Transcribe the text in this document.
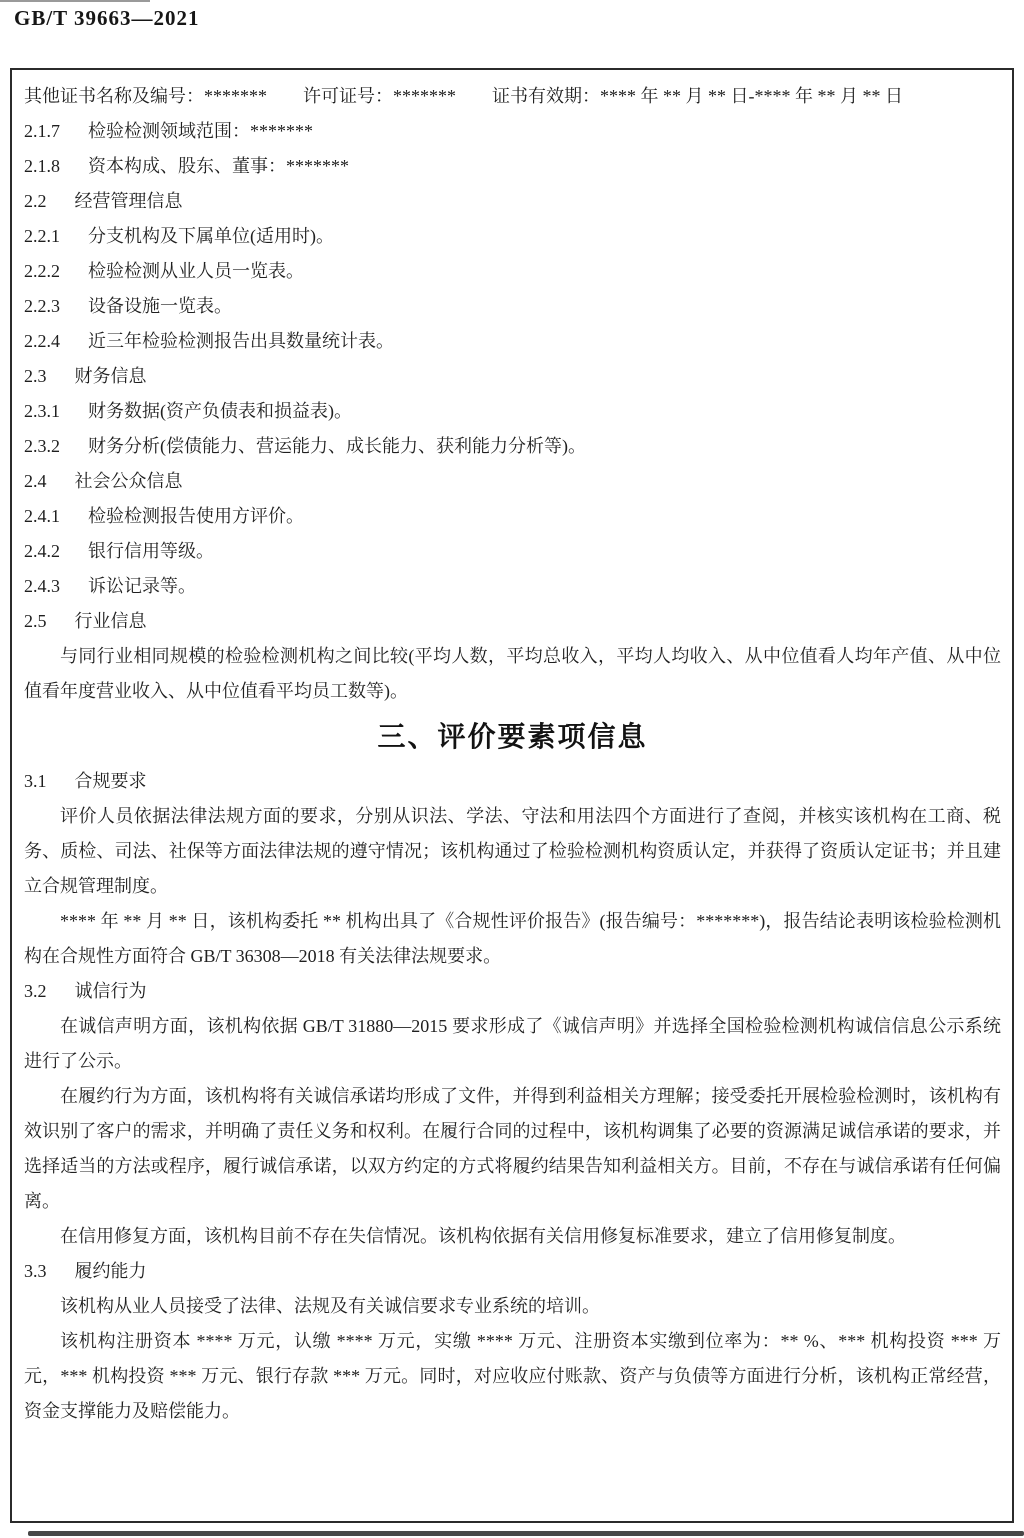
GB/T 39663—2021

其他证书名称及编号：*******　　许可证号：*******　　证书有效期：**** 年 ** 月 ** 日-**** 年 ** 月 ** 日

2.1.7 检验检测领域范围：*******
2.1.8 资本构成、股东、董事：*******
2.2 经营管理信息
2.2.1 分支机构及下属单位(适用时)。
2.2.2 检验检测从业人员一览表。
2.2.3 设备设施一览表。
2.2.4 近三年检验检测报告出具数量统计表。
2.3 财务信息
2.3.1 财务数据(资产负债表和损益表)。
2.3.2 财务分析(偿债能力、营运能力、成长能力、获利能力分析等)。
2.4 社会公众信息
2.4.1 检验检测报告使用方评价。
2.4.2 银行信用等级。
2.4.3 诉讼记录等。
2.5 行业信息

与同行业相同规模的检验检测机构之间比较(平均人数，平均总收入，平均人均收入、从中位值看人均年产值、从中位值看年度营业收入、从中位值看平均员工数等)。

三、评价要素项信息
3.1 合规要求

评价人员依据法律法规方面的要求，分别从识法、学法、守法和用法四个方面进行了查阅，并核实该机构在工商、税务、质检、司法、社保等方面法律法规的遵守情况；该机构通过了检验检测机构资质认定，并获得了资质认定证书；并且建立合规管理制度。

**** 年 ** 月 ** 日，该机构委托 ** 机构出具了《合规性评价报告》(报告编号：*******)，报告结论表明该检验检测机构在合规性方面符合 GB/T 36308—2018 有关法律法规要求。

3.2 诚信行为

在诚信声明方面，该机构依据 GB/T 31880—2015 要求形成了《诚信声明》并选择全国检验检测机构诚信信息公示系统进行了公示。

在履约行为方面，该机构将有关诚信承诺均形成了文件，并得到利益相关方理解；接受委托开展检验检测时，该机构有效识别了客户的需求，并明确了责任义务和权利。在履行合同的过程中，该机构调集了必要的资源满足诚信承诺的要求，并选择适当的方法或程序，履行诚信承诺，以双方约定的方式将履约结果告知利益相关方。目前，不存在与诚信承诺有任何偏离。

在信用修复方面，该机构目前不存在失信情况。该机构依据有关信用修复标准要求，建立了信用修复制度。

3.3 履约能力

该机构从业人员接受了法律、法规及有关诚信要求专业系统的培训。

该机构注册资本 **** 万元，认缴 **** 万元，实缴 **** 万元、注册资本实缴到位率为：** %、*** 机构投资 *** 万元，*** 机构投资 *** 万元、银行存款 *** 万元。同时，对应收应付账款、资产与负债等方面进行分析，该机构正常经营，资金支撑能力及赔偿能力。
